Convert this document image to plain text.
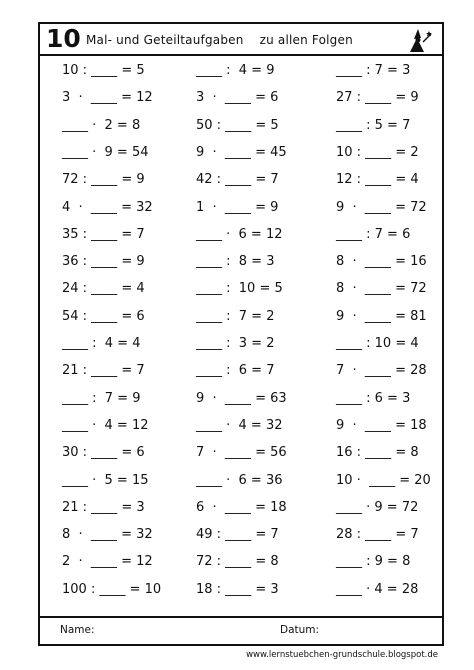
10 Mal- und Geteiltaufgaben    zu allen Folgen
10 : ____ = 5	____ :  4 = 9	____ : 7 = 3
3  ·  ____ = 12	3  ·  ____ = 6	27 : ____ = 9
____ ·  2 = 8	50 : ____ = 5	____ : 5 = 7
____ ·  9 = 54	9  ·  ____ = 45	10 : ____ = 2
72 : ____ = 9	42 : ____ = 7	12 : ____ = 4
4  ·  ____ = 32	1  ·  ____ = 9	9  ·  ____ = 72
35 : ____ = 7	____ ·  6 = 12	____ : 7 = 6
36 : ____ = 9	____ :  8 = 3	8  ·  ____ = 16
24 : ____ = 4	____ :  10 = 5	8  ·  ____ = 72
54 : ____ = 6	____ :  7 = 2	9  ·  ____ = 81
____ :  4 = 4	____ :  3 = 2	____ : 10 = 4
21 : ____ = 7	____ :  6 = 7	7  ·  ____ = 28
____ :  7 = 9	9  ·  ____ = 63	____ : 6 = 3
____ ·  4 = 12	____ ·  4 = 32	9  ·  ____ = 18
30 : ____ = 6	7  ·  ____ = 56	16 : ____ = 8
____ ·  5 = 15	____ ·  6 = 36	10 ·  ____ = 20
21 : ____ = 3	6  ·  ____ = 18	____ · 9 = 72
8  ·  ____ = 32	49 : ____ = 7	28 : ____ = 7
2  ·  ____ = 12	72 : ____ = 8	____ : 9 = 8
100 : ____ = 10	18 : ____ = 3	____ · 4 = 28
Name:	Datum:
www.lernstuebchen-grundschule.blogspot.de
